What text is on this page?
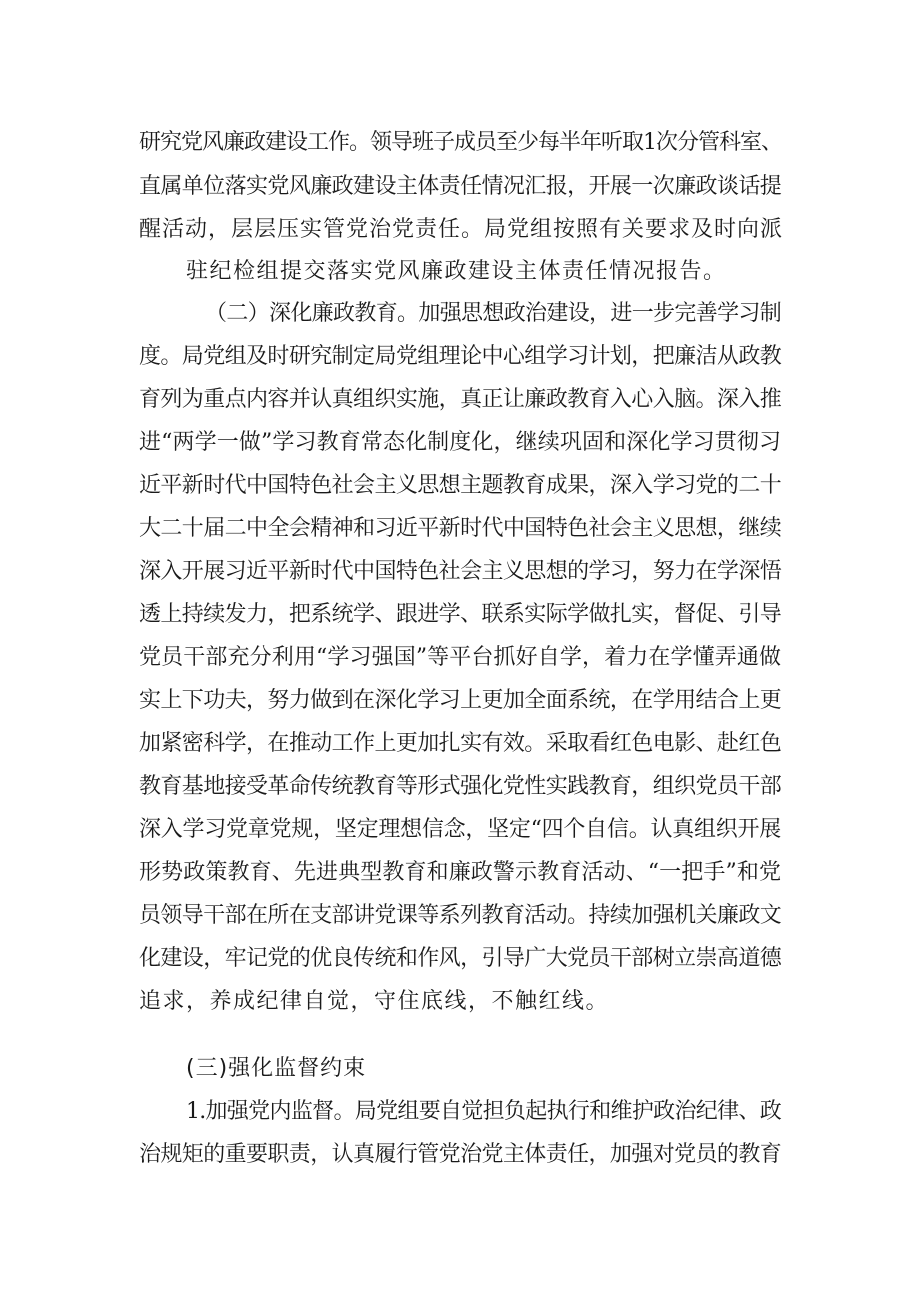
研究党风廉政建设工作。领导班子成员至少每半年听取1次分管科室、
直属单位落实党风廉政建设主体责任情况汇报，开展一次廉政谈话提
醒活动，层层压实管党治党责任。局党组按照有关要求及时向派
驻纪检组提交落实党风廉政建设主体责任情况报告。
（二）深化廉政教育。加强思想政治建设，进一步完善学习制
度。局党组及时研究制定局党组理论中心组学习计划，把廉洁从政教
育列为重点内容并认真组织实施，真正让廉政教育入心入脑。深入推
进“两学一做”学习教育常态化制度化，继续巩固和深化学习贯彻习
近平新时代中国特色社会主义思想主题教育成果，深入学习党的二十
大二十届二中全会精神和习近平新时代中国特色社会主义思想，继续
深入开展习近平新时代中国特色社会主义思想的学习，努力在学深悟
透上持续发力，把系统学、跟进学、联系实际学做扎实，督促、引导
党员干部充分利用“学习强国”等平台抓好自学，着力在学懂弄通做
实上下功夫，努力做到在深化学习上更加全面系统，在学用结合上更
加紧密科学，在推动工作上更加扎实有效。采取看红色电影、赴红色
教育基地接受革命传统教育等形式强化党性实践教育，组织党员干部
深入学习党章党规，坚定理想信念，坚定“四个自信。认真组织开展
形势政策教育、先进典型教育和廉政警示教育活动、“一把手”和党
员领导干部在所在支部讲党课等系列教育活动。持续加强机关廉政文
化建设，牢记党的优良传统和作风，引导广大党员干部树立崇高道德
追求，养成纪律自觉，守住底线，不触红线。
(三)强化监督约束
1.加强党内监督。局党组要自觉担负起执行和维护政治纪律、政
治规矩的重要职责，认真履行管党治党主体责任，加强对党员的教育
